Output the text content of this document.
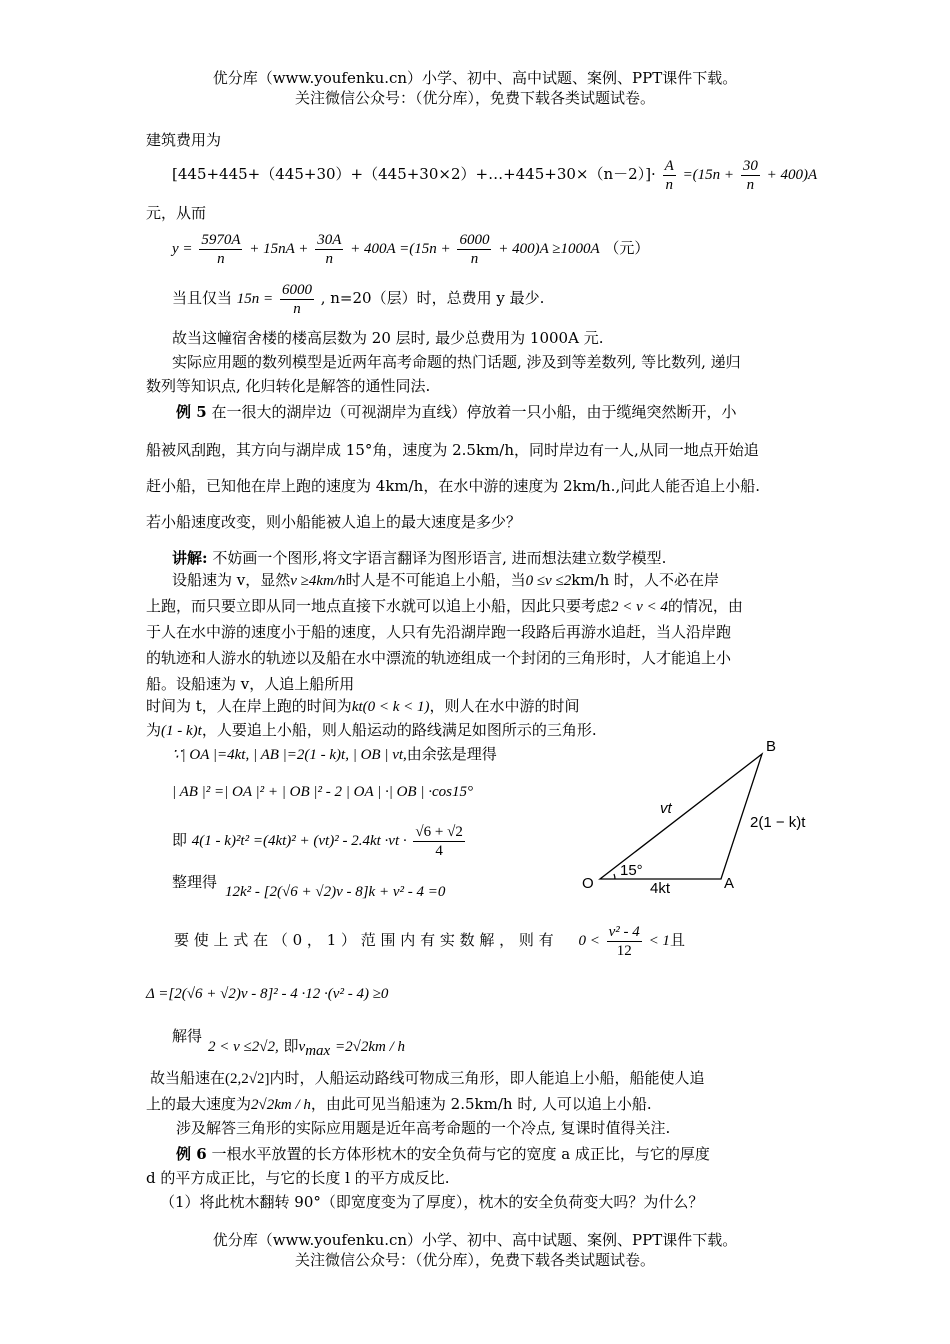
优分库（www.youfenku.cn）小学、初中、高中试题、案例、PPT课件下载。
关注微信公众号：（优分库），免费下载各类试题试卷。
建筑费用为
[445+445+（445+30）+（445+30×2）+…+445+30×（n－2）]· $\frac{A}{n} =(15n + \frac{30}{n} + 400)A$
元，从而
$y = \frac{5970A}{n} + 15nA + \frac{30A}{n} + 400A =(15n + \frac{6000}{n} + 400)A \ge 1000A$ （元）
当且仅当 $15n = \frac{6000}{n}$ , n=20（层）时，总费用 y 最少.
故当这幢宿舍楼的楼高层数为 20 层时, 最少总费用为 1000A 元.
实际应用题的数列模型是近两年高考命题的热门话题, 涉及到等差数列, 等比数列, 递归
数列等知识点, 化归转化是解答的通性同法.
例 5 在一很大的湖岸边（可视湖岸为直线）停放着一只小船，由于缆绳突然断开，小
船被风刮跑，其方向与湖岸成 15°角，速度为 2.5km/h，同时岸边有一人,从同一地点开始追
赶小船，已知他在岸上跑的速度为 4km/h，在水中游的速度为 2km/h.,问此人能否追上小船.
若小船速度改变，则小船能被人追上的最大速度是多少？
讲解: 不妨画一个图形,将文字语言翻译为图形语言, 进而想法建立数学模型.
设船速为 v，显然v ≥4km/h时人是不可能追上小船，当0 ≤v ≤2km/h 时，人不必在岸
上跑，而只要立即从同一地点直接下水就可以追上小船，因此只要考虑2 < v < 4的情况，由
于人在水中游的速度小于船的速度，人只有先沿湖岸跑一段路后再游水追赶，当人沿岸跑
的轨迹和人游水的轨迹以及船在水中漂流的轨迹组成一个封闭的三角形时，人才能追上小
船。设船速为 v，人追上船所用
时间为 t，人在岸上跑的时间为kt(0 < k < 1)，则人在水中游的时间
为(1 - k)t，人要追上小船，则人船运动的路线满足如图所示的三角形.
∵| OA |=4kt, | AB |=2(1 - k)t, | OB | vt,由余弦是理得
| AB |² =| OA |² + | OB |² - 2 | OA | ·| OB | ·cos15°
即 $4(1 - k)^2t^2 =(4kt)^2 + (vt)^2 - 2.4kt \cdot vt \cdot \frac{√6 + √2}{4}$
整理得
12k² - [2(√6 + √2)v - 8]k + v² - 4 =0
要 使 上 式 在 （ 0 ， 1 ） 范 围 内 有 实 数 解 ， 则 有 $0 < \frac{\text{v² - 4}}{12} < 1$且
Δ =[2(√6 + √2)v - 8]² - 4 ·12 ·(v² - 4) ≥0
解得
2 < v ≤2√2, 即$v_{max} =2√2km / h$
故当船速在(2,2√2]内时，人船运动路线可物成三角形，即人能追上小船，船能使人追
上的最大速度为2√2km / h，由此可见当船速为 2.5km/h 时, 人可以追上小船.
涉及解答三角形的实际应用题是近年高考命题的一个冷点, 复课时值得关注.
例 6 一根水平放置的长方体形枕木的安全负荷与它的宽度 a 成正比，与它的厚度
d 的平方成正比，与它的长度 l 的平方成反比.
（1）将此枕木翻转 90°（即宽度变为了厚度），枕木的安全负荷变大吗？为什么？
B
O	A
vt
2(1 − k)t
15°
4kt
优分库（www.youfenku.cn）小学、初中、高中试题、案例、PPT课件下载。
关注微信公众号：（优分库），免费下载各类试题试卷。
